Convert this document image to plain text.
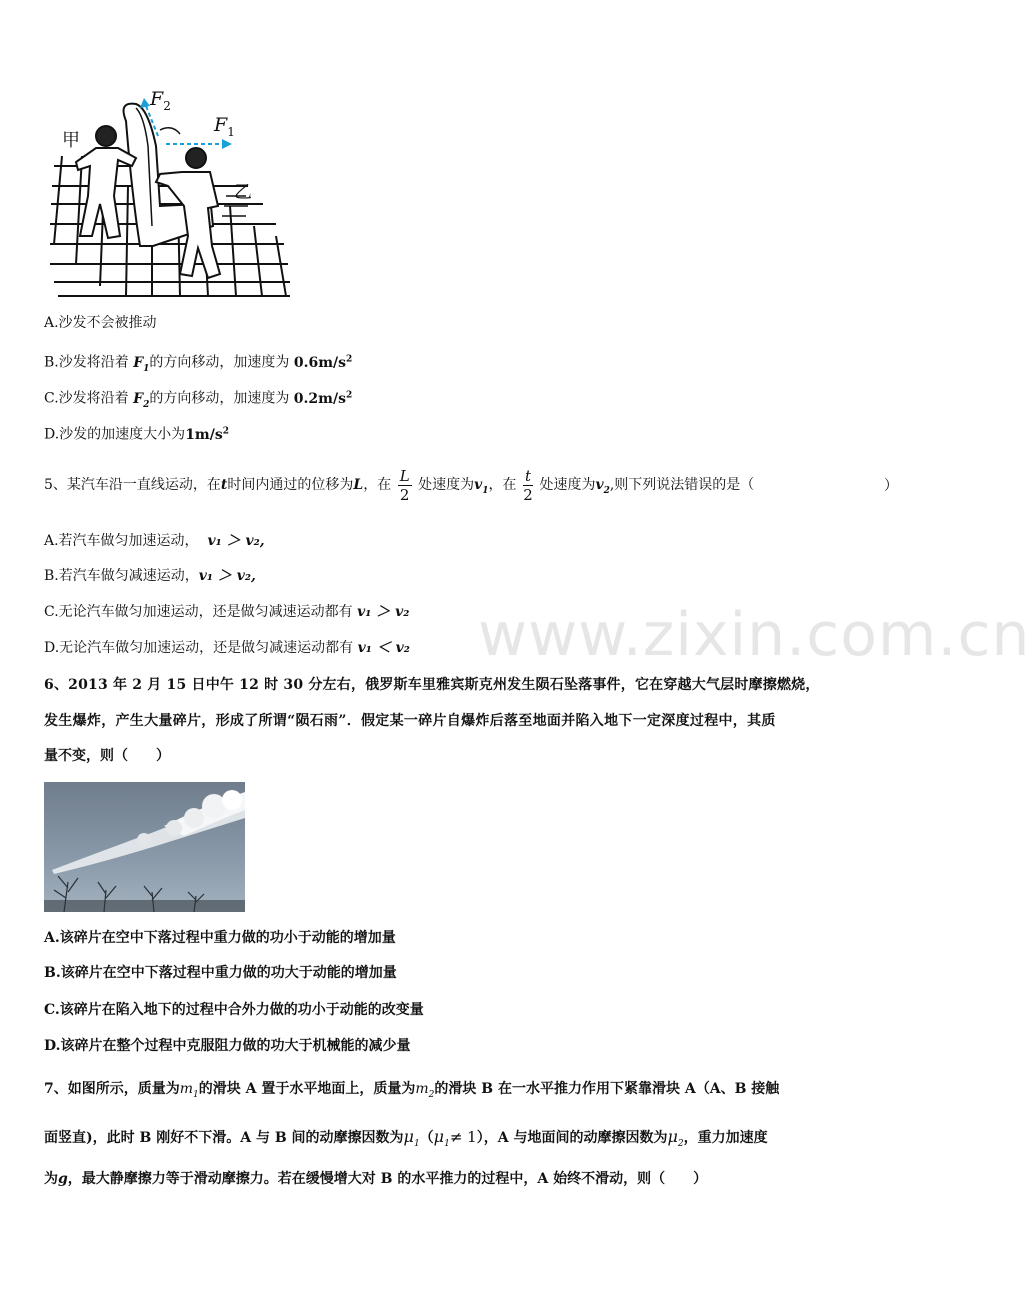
www.zixin.com.cn
甲
乙
$F_2$
$F_1$
A.沙发不会被推动
B.沙发将沿着 $F_1$的方向移动，加速度为 $0.6m/s^2$
C.沙发将沿着 $F_2$的方向移动，加速度为 $0.2m/s^2$
D.沙发的加速度大小为$1m/s^2$
5、某汽车沿一直线运动，在t时间内通过的位移为L，在 $\frac{L}{2}$ 处速度为$v_1$，在 $\frac{t}{2}$ 处速度为$v_2$,则下列说法错误的是（	）
A.若汽车做匀加速运动， v₁ ＞ v₂,
B.若汽车做匀减速运动，v₁ ＞ v₂,
C.无论汽车做匀加速运动，还是做匀减速运动都有 v₁ ＞ v₂
D.无论汽车做匀加速运动，还是做匀减速运动都有 v₁ ＜ v₂
6、2013 年 2 月 15 日中午 12 时 30 分左右，俄罗斯车里雅宾斯克州发生陨石坠落事件，它在穿越大气层时摩擦燃烧，
发生爆炸，产生大量碎片，形成了所谓“陨石雨”．假定某一碎片自爆炸后落至地面并陷入地下一定深度过程中，其质
量不变，则（　　）
A.该碎片在空中下落过程中重力做的功小于动能的增加量
B.该碎片在空中下落过程中重力做的功大于动能的增加量
C.该碎片在陷入地下的过程中合外力做的功小于动能的改变量
D.该碎片在整个过程中克服阻力做的功大于机械能的减少量
7、如图所示，质量为$m_1$的滑块 A 置于水平地面上，质量为$m_2$的滑块 B 在一水平推力作用下紧靠滑块 A（A、B 接触
面竖直)，此时 B 刚好不下滑。A 与 B 间的动摩擦因数为$\mu_1(\mu_1\ne 1)$，A 与地面间的动摩擦因数为$\mu_2$，重力加速度
为g，最大静摩擦力等于滑动摩擦力。若在缓慢增大对 B 的水平推力的过程中，A 始终不滑动，则（　　）
